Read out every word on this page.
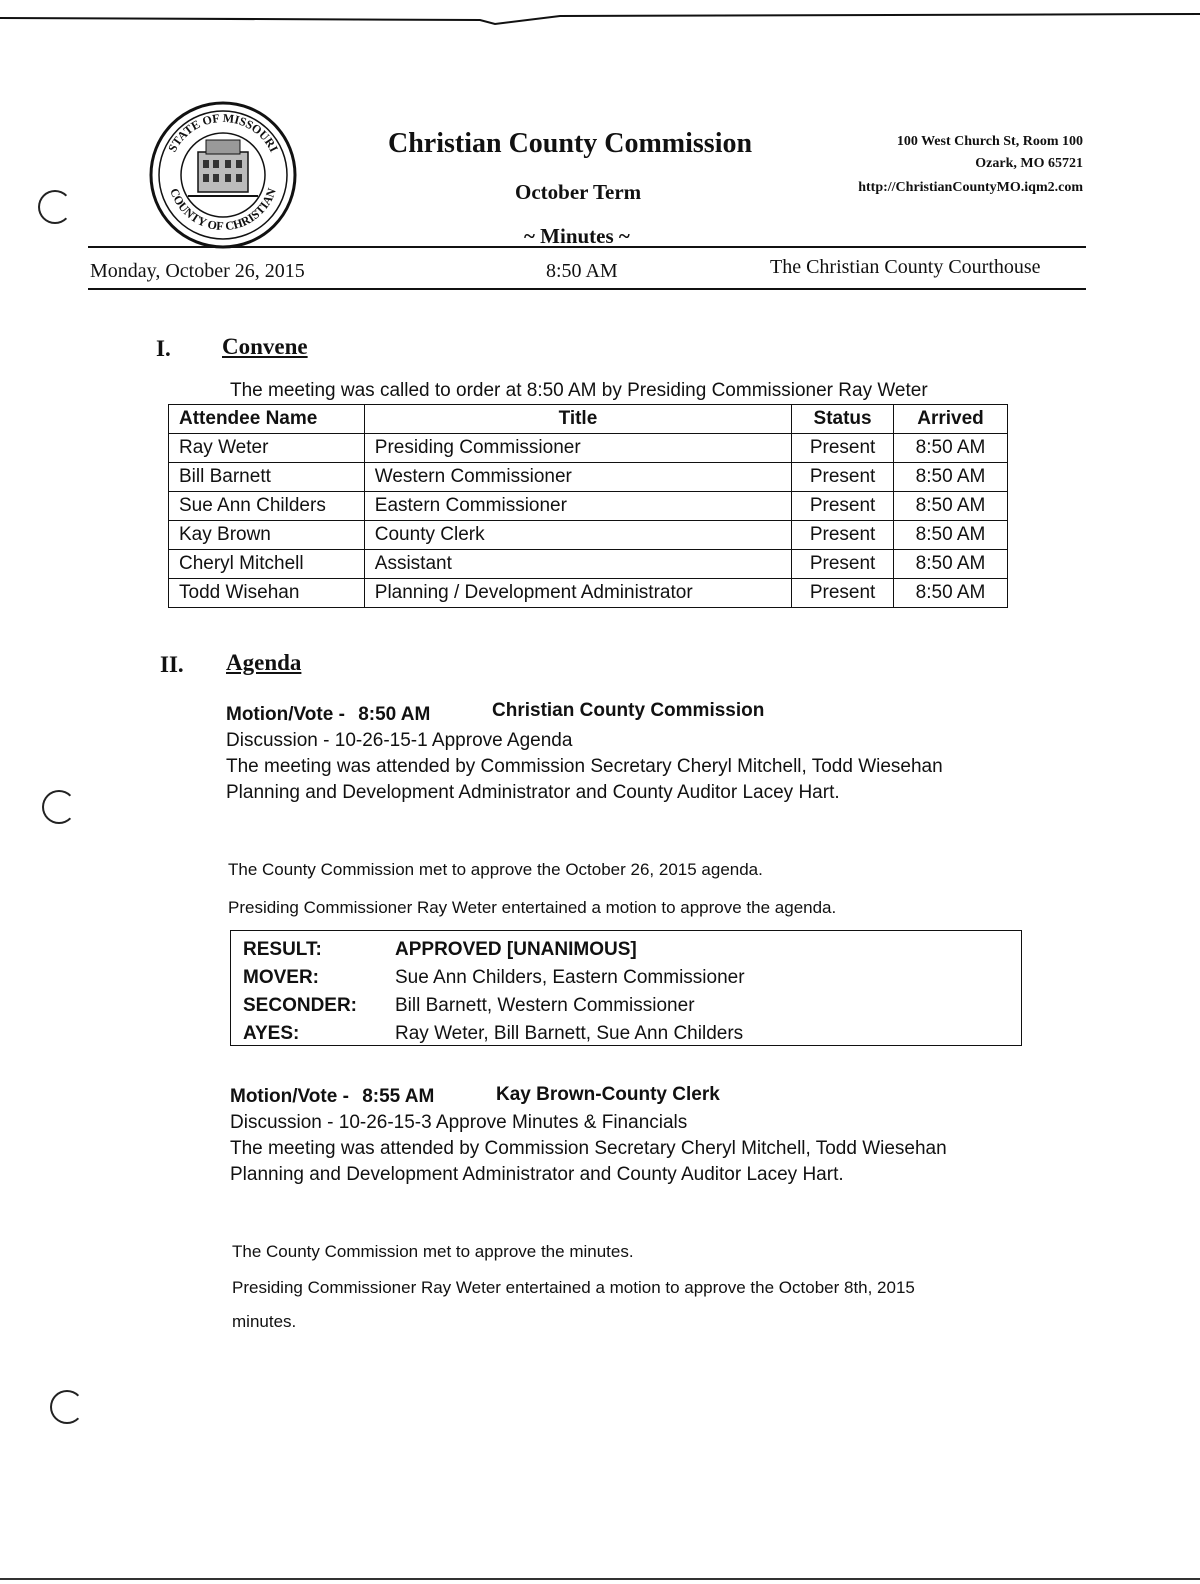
STATE OF MISSOURI
COUNTY OF CHRISTIAN
Christian County Commission
October Term
~ Minutes ~
100 West Church St, Room 100
Ozark, MO 65721
http://ChristianCountyMO.iqm2.com
Monday, October 26, 2015	8:50 AM	The Christian County Courthouse
I. Convene
The meeting was called to order at 8:50 AM by Presiding Commissioner Ray Weter
Attendee Name	Title	Status	Arrived
Ray Weter	Presiding Commissioner	Present	8:50 AM
Bill Barnett	Western Commissioner	Present	8:50 AM
Sue Ann Childers	Eastern Commissioner	Present	8:50 AM
Kay Brown	County Clerk	Present	8:50 AM
Cheryl Mitchell	Assistant	Present	8:50 AM
Todd Wisehan	Planning / Development Administrator	Present	8:50 AM
II. Agenda
Motion/Vote - 8:50 AM	Christian County Commission
Discussion - 10-26-15-1 Approve Agenda
The meeting was attended by Commission Secretary Cheryl Mitchell, Todd Wiesehan
Planning and Development Administrator and County Auditor Lacey Hart.
The County Commission met to approve the October 26, 2015 agenda.
Presiding Commissioner Ray Weter entertained a motion to approve the agenda.
RESULT:	APPROVED [UNANIMOUS]
MOVER:	Sue Ann Childers, Eastern Commissioner
SECONDER: Bill Barnett, Western Commissioner
AYES:	Ray Weter, Bill Barnett, Sue Ann Childers
Motion/Vote - 8:55 AM	Kay Brown-County Clerk
Discussion - 10-26-15-3 Approve Minutes & Financials
The meeting was attended by Commission Secretary Cheryl Mitchell, Todd Wiesehan
Planning and Development Administrator and County Auditor Lacey Hart.
The County Commission met to approve the minutes.
Presiding Commissioner Ray Weter entertained a motion to approve the October 8th, 2015
minutes.
